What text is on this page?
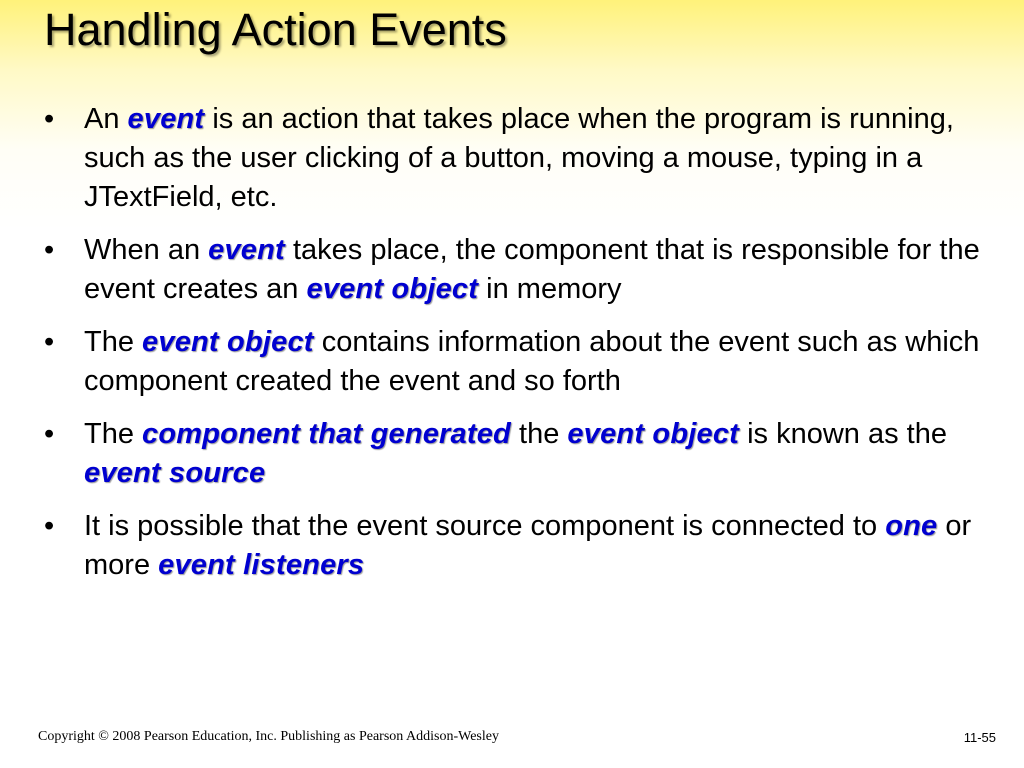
Handling Action Events
•	An event is an action that takes place when the program is running, such as the user clicking of a button, moving a mouse, typing in a JTextField, etc.
•	When an event takes place, the component that is responsible for the event creates an event object in memory
•	The event object contains information about the event such as which component created the event and so forth
•	The component that generated the event object is known as the event source
•	It is possible that the event source component is connected to one or more event listeners
Copyright © 2008 Pearson Education, Inc. Publishing as Pearson Addison-Wesley	11-55
